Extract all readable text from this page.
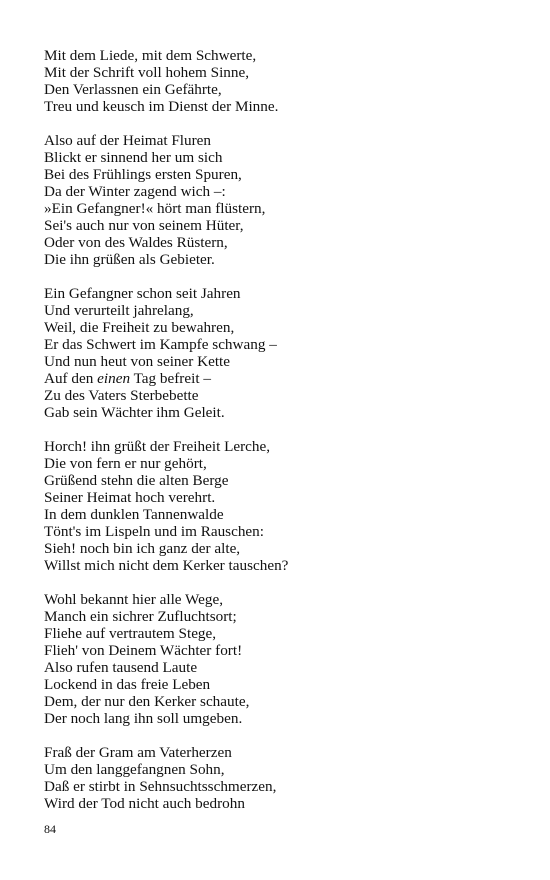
Mit dem Liede, mit dem Schwerte,
Mit der Schrift voll hohem Sinne,
Den Verlassnen ein Gefährte,
Treu und keusch im Dienst der Minne.
Also auf der Heimat Fluren
Blickt er sinnend her um sich
Bei des Frühlings ersten Spuren,
Da der Winter zagend wich –:
»Ein Gefangner!« hört man flüstern,
Sei's auch nur von seinem Hüter,
Oder von des Waldes Rüstern,
Die ihn grüßen als Gebieter.
Ein Gefangner schon seit Jahren
Und verurteilt jahrelang,
Weil, die Freiheit zu bewahren,
Er das Schwert im Kampfe schwang –
Und nun heut von seiner Kette
Auf den einen Tag befreit –
Zu des Vaters Sterbebette
Gab sein Wächter ihm Geleit.
Horch! ihn grüßt der Freiheit Lerche,
Die von fern er nur gehört,
Grüßend stehn die alten Berge
Seiner Heimat hoch verehrt.
In dem dunklen Tannenwalde
Tönt's im Lispeln und im Rauschen:
Sieh! noch bin ich ganz der alte,
Willst mich nicht dem Kerker tauschen?
Wohl bekannt hier alle Wege,
Manch ein sichrer Zufluchtsort;
Fliehe auf vertrautem Stege,
Flieh' von Deinem Wächter fort!
Also rufen tausend Laute
Lockend in das freie Leben
Dem, der nur den Kerker schaute,
Der noch lang ihn soll umgeben.
Fraß der Gram am Vaterherzen
Um den langgefangnen Sohn,
Daß er stirbt in Sehnsuchtsschmerzen,
Wird der Tod nicht auch bedrohn
84
